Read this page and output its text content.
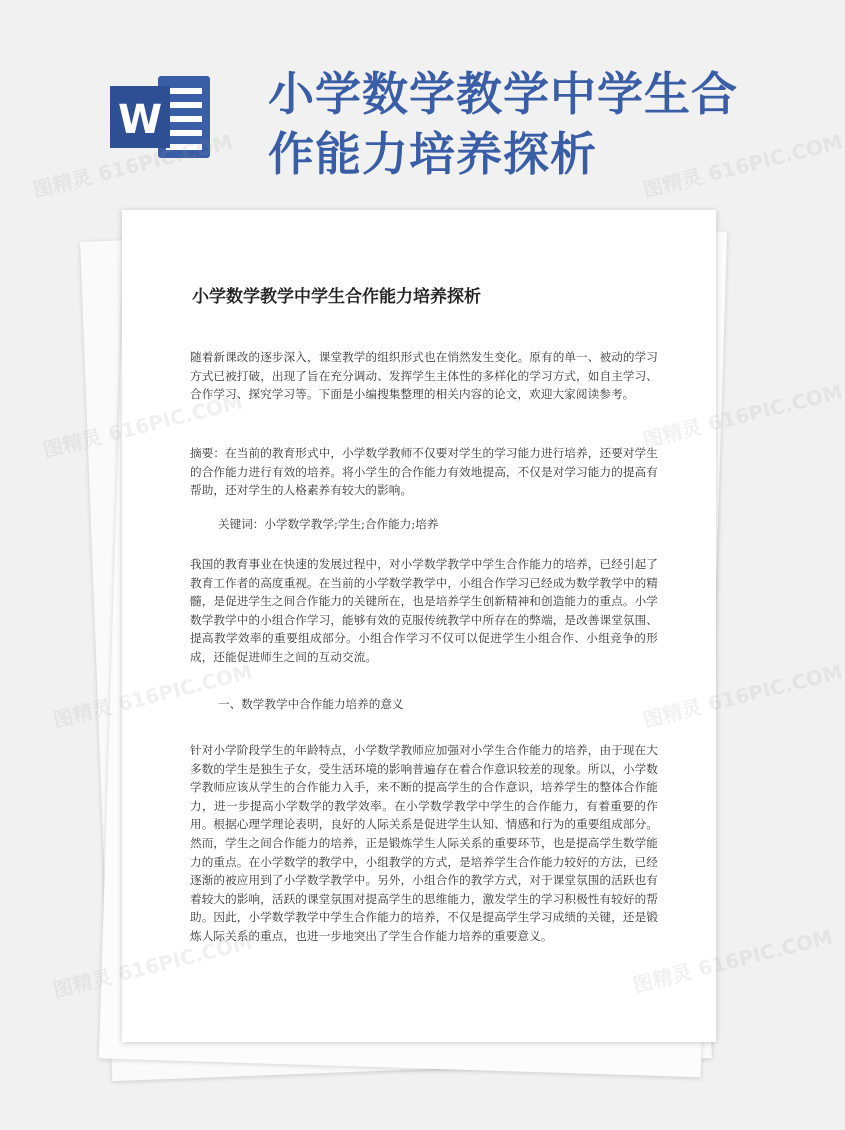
W 小学数学教学中学生合
作能力培养探析
小学数学教学中学生合作能力培养探析

随着新课改的逐步深入，课堂教学的组织形式也在悄然发生变化。原有的单一、被动的学习方式已被打破，出现了旨在充分调动、发挥学生主体性的多样化的学习方式，如自主学习、合作学习、探究学习等。下面是小编搜集整理的相关内容的论文，欢迎大家阅读参考。

摘要：在当前的教育形式中，小学数学教师不仅要对学生的学习能力进行培养，还要对学生的合作能力进行有效的培养。将小学生的合作能力有效地提高，不仅是对学习能力的提高有帮助，还对学生的人格素养有较大的影响。

关键词：小学数学教学;学生;合作能力;培养

我国的教育事业在快速的发展过程中，对小学数学教学中学生合作能力的培养，已经引起了教育工作者的高度重视。在当前的小学数学教学中，小组合作学习已经成为数学教学中的精髓，是促进学生之间合作能力的关键所在，也是培养学生创新精神和创造能力的重点。小学数学教学中的小组合作学习，能够有效的克服传统教学中所存在的弊端，是改善课堂氛围、提高教学效率的重要组成部分。小组合作学习不仅可以促进学生小组合作、小组竞争的形成，还能促进师生之间的互动交流。

一、数学教学中合作能力培养的意义

针对小学阶段学生的年龄特点，小学数学教师应加强对小学生合作能力的培养，由于现在大多数的学生是独生子女，受生活环境的影响普遍存在着合作意识较差的现象。所以，小学数学教师应该从学生的合作能力入手，来不断的提高学生的合作意识，培养学生的整体合作能力，进一步提高小学数学的教学效率。在小学数学教学中学生的合作能力，有着重要的作用。根据心理学理论表明，良好的人际关系是促进学生认知、情感和行为的重要组成部分。然而，学生之间合作能力的培养，正是锻炼学生人际关系的重要环节，也是提高学生数学能力的重点。在小学数学的教学中，小组教学的方式，是培养学生合作能力较好的方法，已经逐渐的被应用到了小学数学教学中。另外，小组合作的教学方式，对于课堂氛围的活跃也有着较大的影响，活跃的课堂氛围对提高学生的思维能力，激发学生的学习积极性有较好的帮助。因此，小学数学教学中学生合作能力的培养，不仅是提高学生学习成绩的关键，还是锻炼人际关系的重点，也进一步地突出了学生合作能力培养的重要意义。

图精灵 616PIC.COM	图精灵 616PIC.COM
图精灵	图精灵 616PIC.COM
图精灵	图精灵 616PIC.COM
图精灵	图精灵 616PIC.COM
